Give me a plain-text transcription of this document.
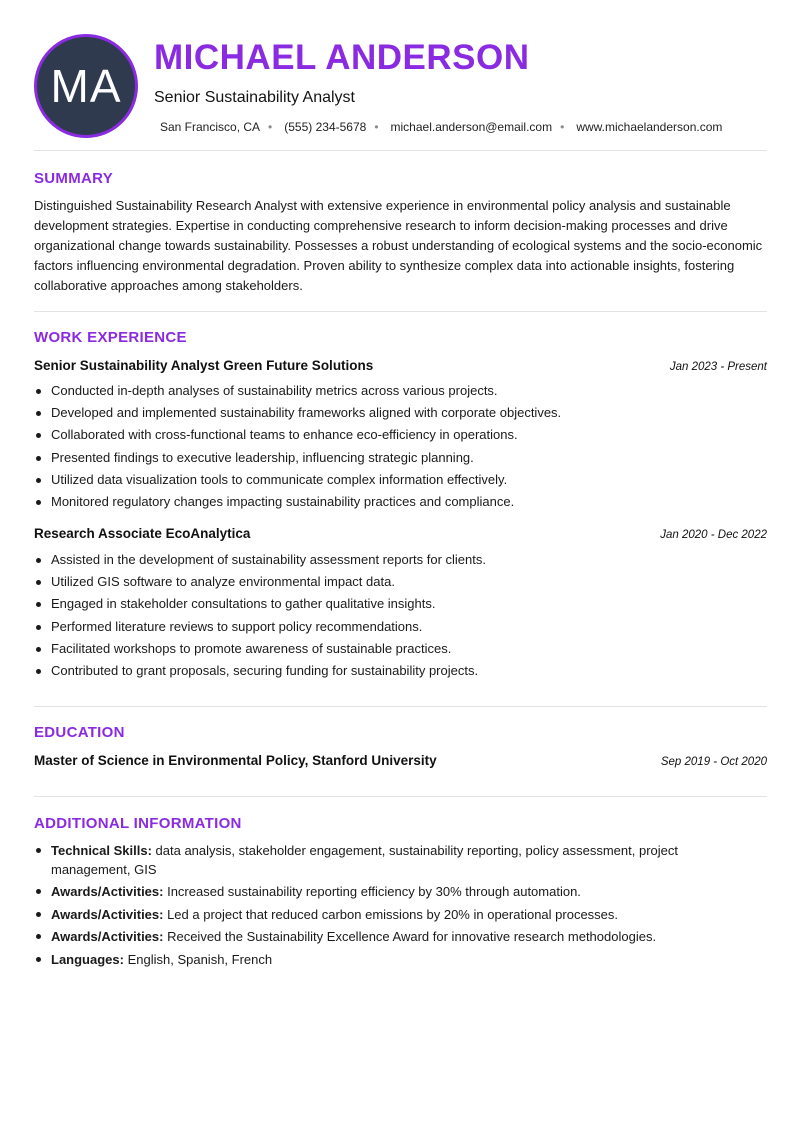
MA
MICHAEL ANDERSON
Senior Sustainability Analyst
San Francisco, CA • (555) 234-5678 • michael.anderson@email.com • www.michaelanderson.com
SUMMARY

Distinguished Sustainability Research Analyst with extensive experience in environmental policy analysis and sustainable development strategies. Expertise in conducting comprehensive research to inform decision-making processes and drive organizational change towards sustainability. Possesses a robust understanding of ecological systems and the socio-economic factors influencing environmental degradation. Proven ability to synthesize complex data into actionable insights, fostering collaborative approaches among stakeholders.

WORK EXPERIENCE
Senior Sustainability Analyst Green Future Solutions	Jan 2023 - Present
Conducted in-depth analyses of sustainability metrics across various projects.
Developed and implemented sustainability frameworks aligned with corporate objectives.
Collaborated with cross-functional teams to enhance eco-efficiency in operations.
Presented findings to executive leadership, influencing strategic planning.
Utilized data visualization tools to communicate complex information effectively.
Monitored regulatory changes impacting sustainability practices and compliance.
Research Associate EcoAnalytica	Jan 2020 - Dec 2022
Assisted in the development of sustainability assessment reports for clients.
Utilized GIS software to analyze environmental impact data.
Engaged in stakeholder consultations to gather qualitative insights.
Performed literature reviews to support policy recommendations.
Facilitated workshops to promote awareness of sustainable practices.
Contributed to grant proposals, securing funding for sustainability projects.
EDUCATION
Master of Science in Environmental Policy, Stanford University	Sep 2019 - Oct 2020
ADDITIONAL INFORMATION
Technical Skills: data analysis, stakeholder engagement, sustainability reporting, policy assessment, project management, GIS
Awards/Activities: Increased sustainability reporting efficiency by 30% through automation.
Awards/Activities: Led a project that reduced carbon emissions by 20% in operational processes.
Awards/Activities: Received the Sustainability Excellence Award for innovative research methodologies.
Languages: English, Spanish, French
